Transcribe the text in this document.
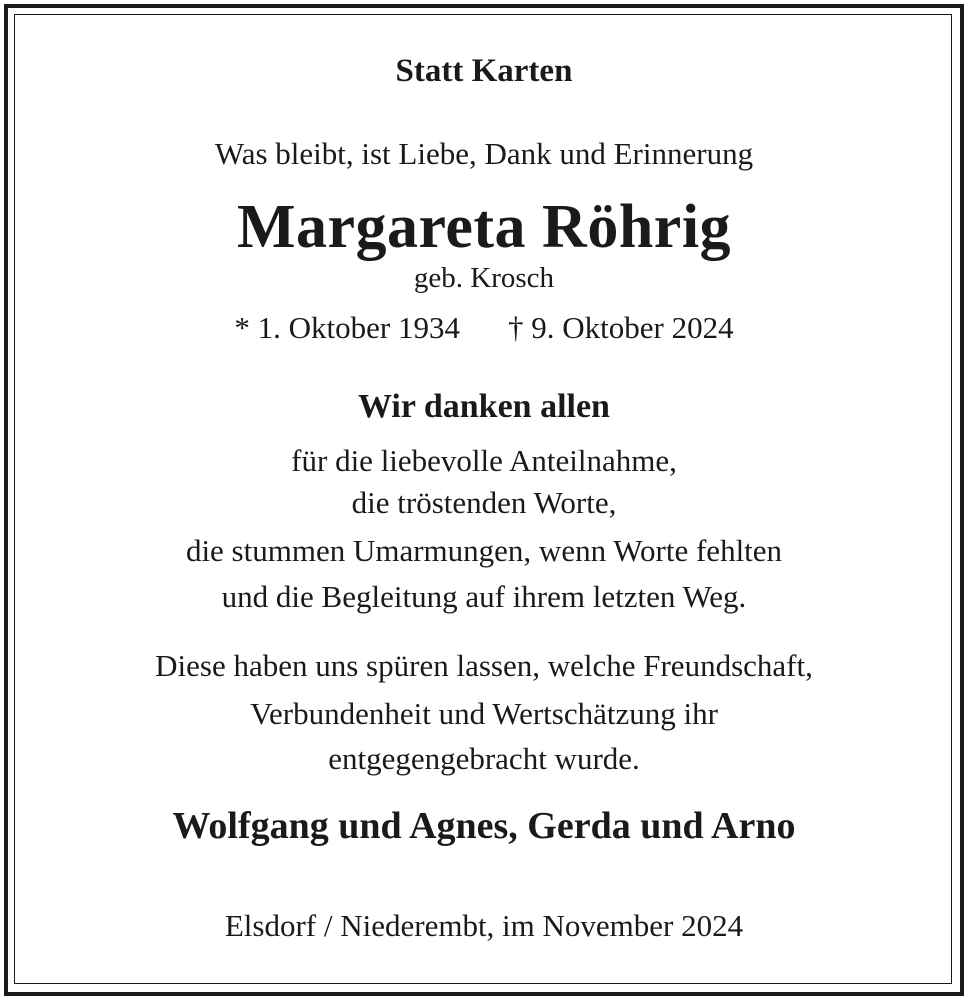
Statt Karten
Was bleibt, ist Liebe, Dank und Erinnerung
Margareta Röhrig
geb. Krosch
* 1. Oktober 1934 † 9. Oktober 2024
Wir danken allen
für die liebevolle Anteilnahme,
die tröstenden Worte,
die stummen Umarmungen, wenn Worte fehlten
und die Begleitung auf ihrem letzten Weg.
Diese haben uns spüren lassen, welche Freundschaft,
Verbundenheit und Wertschätzung ihr
entgegengebracht wurde.
Wolfgang und Agnes, Gerda und Arno
Elsdorf / Niederembt, im November 2024
